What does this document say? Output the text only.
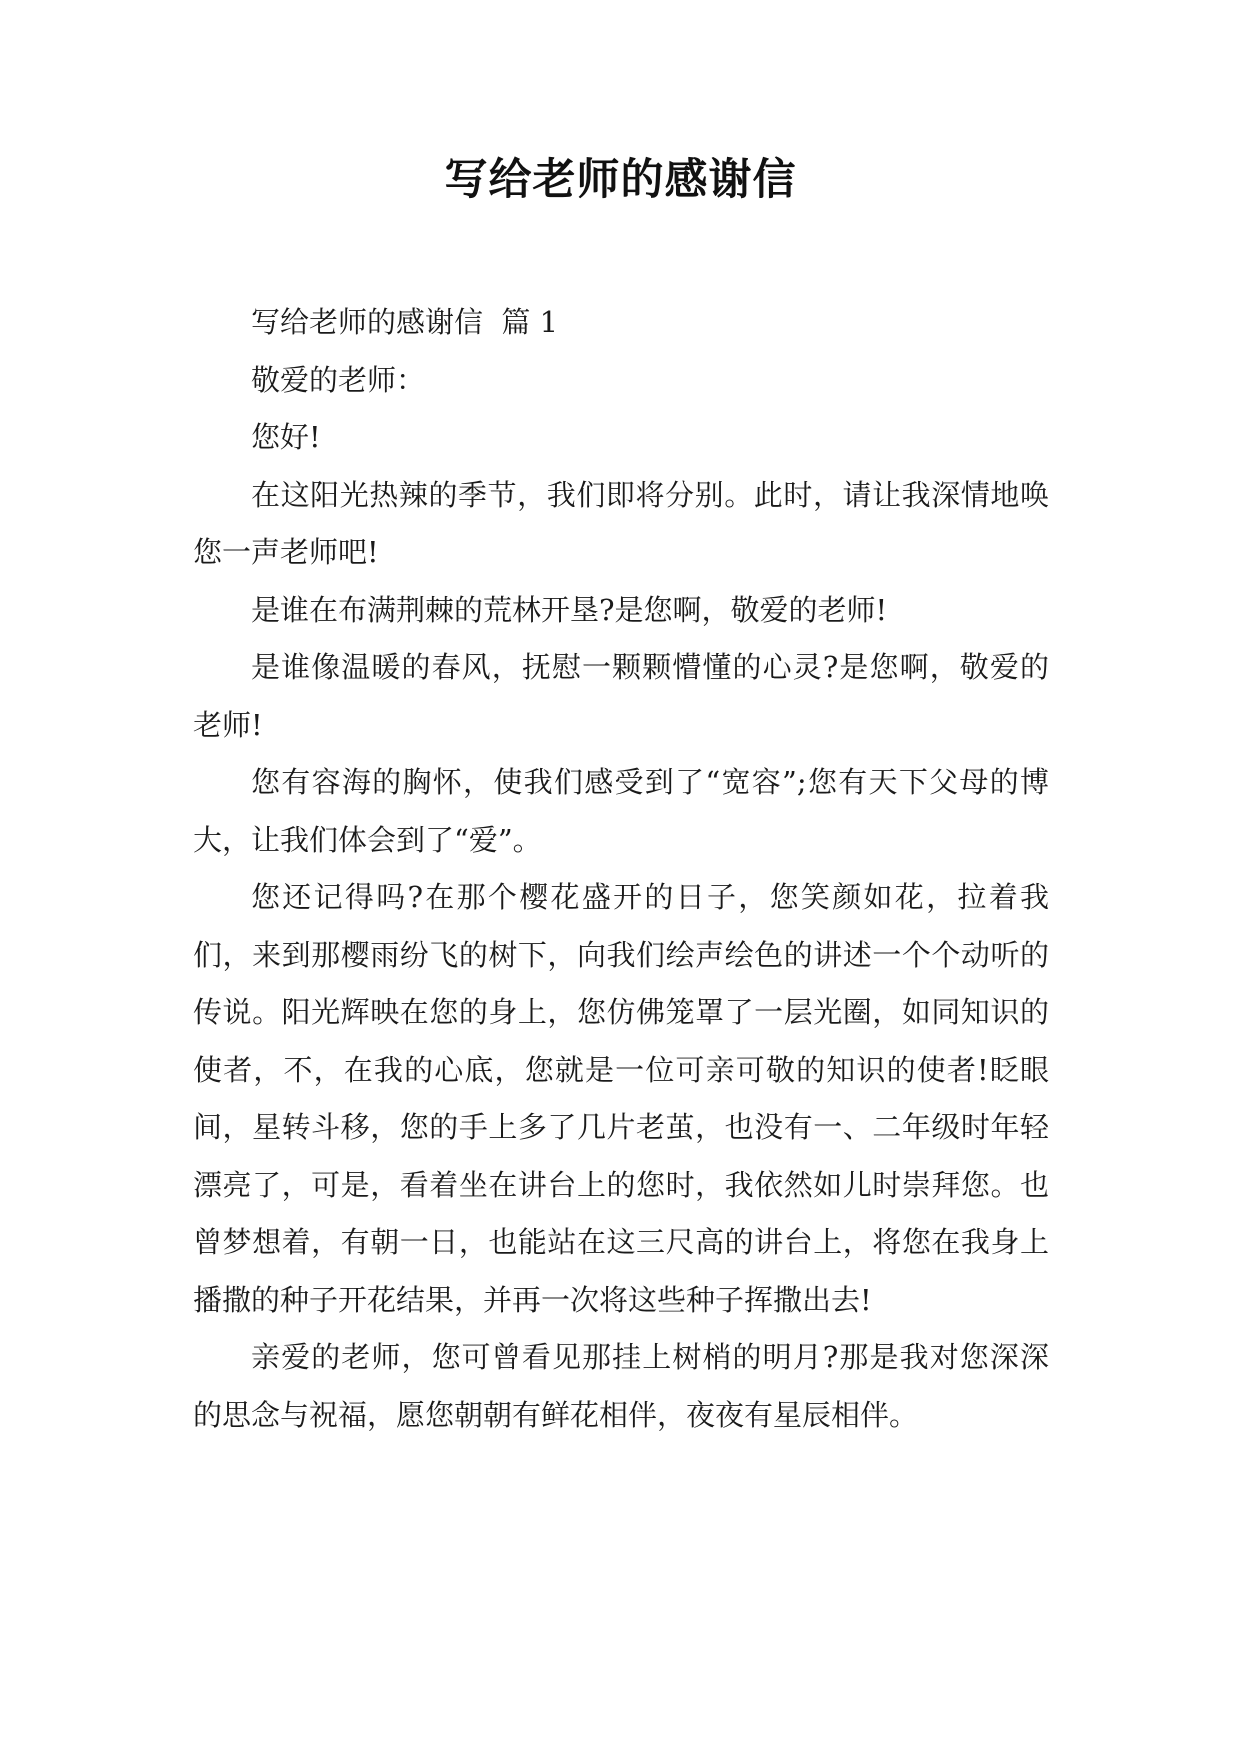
写给老师的感谢信

写给老师的感谢信  篇 1

敬爱的老师：

您好!

在这阳光热辣的季节，我们即将分别。此时，请让我深情地唤您一声老师吧!

是谁在布满荆棘的荒林开垦?是您啊，敬爱的老师!

是谁像温暖的春风，抚慰一颗颗懵懂的心灵?是您啊，敬爱的老师!

您有容海的胸怀，使我们感受到了“宽容”;您有天下父母的博大，让我们体会到了“爱”。

您还记得吗?在那个樱花盛开的日子，您笑颜如花，拉着我们，来到那樱雨纷飞的树下，向我们绘声绘色的讲述一个个动听的传说。阳光辉映在您的身上，您仿佛笼罩了一层光圈，如同知识的使者，不，在我的心底，您就是一位可亲可敬的知识的使者!眨眼间，星转斗移，您的手上多了几片老茧，也没有一、二年级时年轻漂亮了，可是，看着坐在讲台上的您时，我依然如儿时崇拜您。也曾梦想着，有朝一日，也能站在这三尺高的讲台上，将您在我身上播撒的种子开花结果，并再一次将这些种子挥撒出去!

亲爱的老师，您可曾看见那挂上树梢的明月?那是我对您深深的思念与祝福，愿您朝朝有鲜花相伴，夜夜有星辰相伴。
